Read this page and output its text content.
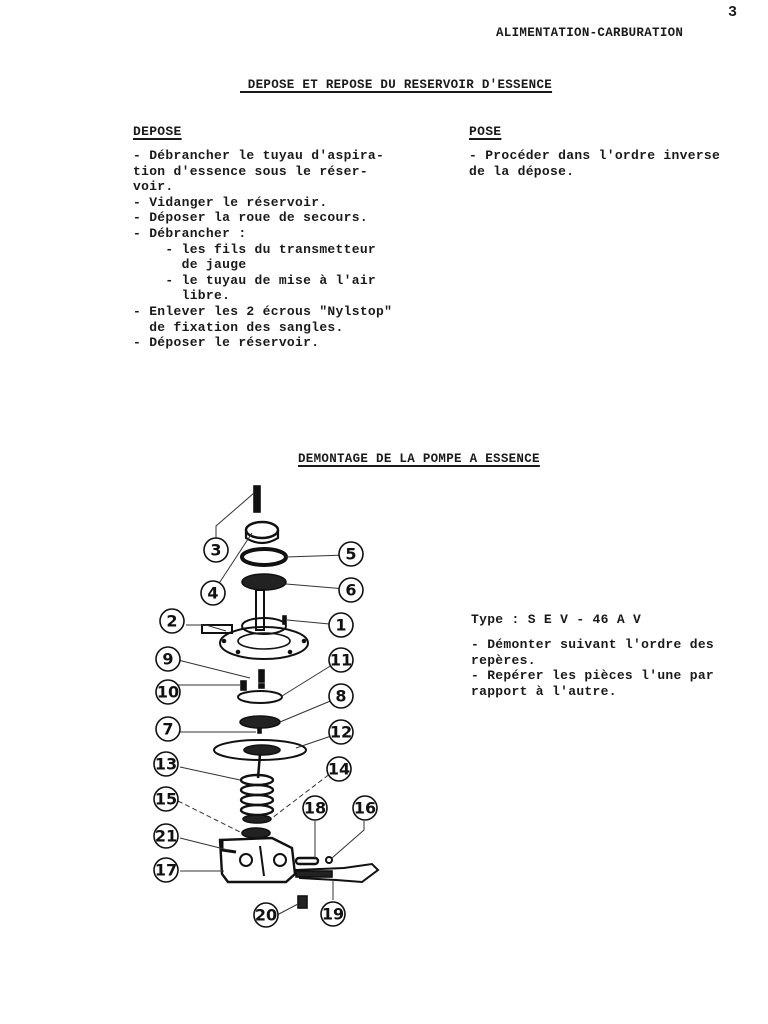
3
ALIMENTATION-CARBURATION
DEPOSE ET REPOSE DU RESERVOIR D'ESSENCE
DEPOSE	POSE
- Débrancher le tuyau d'aspira-
tion d'essence sous le réser-
voir.
- Vidanger le réservoir.
- Déposer la roue de secours.
- Débrancher :
- les fils du transmetteur
de jauge
- le tuyau de mise à l'air
libre.
- Enlever les 2 écrous "Nylstop"
de fixation des sangles.
- Déposer le réservoir.
- Procéder dans l'ordre inverse
de la dépose.
DEMONTAGE DE LA POMPE A ESSENCE
Type : S E V - 46 A V
- Démonter suivant l'ordre des
repères.
- Repérer les pièces l'une par
rapport à l'autre.
3
4
5
6
2	1
9	11
10	8
7	12
13	14
15	18 16
21
17
20	19
